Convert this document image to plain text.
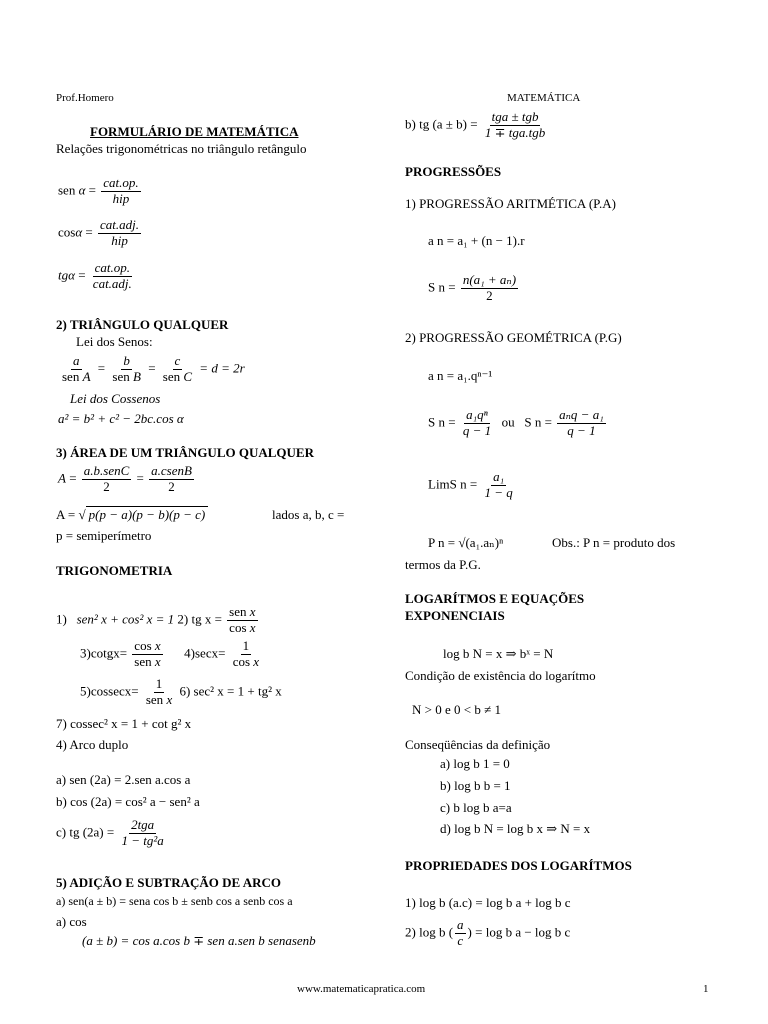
Prof.Homero	MATEMÁTICA
FORMULÁRIO DE MATEMÁTICA
Relações trigonométricas no triângulo retângulo
sen $\alpha = \frac{\text{cat.op.}}{\text{hip}}$
$\cos\alpha = \frac{\text{cat.adj.}}{\text{hip}}$
$tg\alpha = \frac{\text{cat.op.}}{\text{cat.adj.}}$
2) TRIÂNGULO QUALQUER
Lei dos Senos:
$\frac{a}{\text{sen A}} = \frac{b}{\text{sen B}} = \frac{c}{\text{sen C}} = d = 2r$
Lei dos Cossenos
a² = b² + c² − 2bc.cos α
3) ÁREA DE UM TRIÂNGULO QUALQUER
$A = \frac{\text{a.b.senC}}{2} = \frac{\text{a.csenB}}{2}$
A = √ p(p − a)(p − b)(p − c)	lados a, b, c =
p = semiperímetro
TRIGONOMETRIA
1) sen² x + cos² x = 1 2) tg $x = \frac{\text{sen x}}{\text{cos x}}$
3)cotgx= $\frac{\text{cos x}}{\text{sen x}} 4)\sec x= \frac{1}{\text{cos x}}$
$5)cossecx= \frac{1}{\text{sen x}} 6$) sec² x = 1 + tg² x
7) cossec² x = 1 + cot g² x
4) Arco duplo
a) sen (2a) = 2.sen a.cos a
b) cos (2a) = cos² a − sen² a
c) tg $(2a) = \frac{\text{2tga}}{\text{1 − tg²a}}$
5) ADIÇÃO E SUBTRAÇÃO DE ARCO
a) sen(a ± b) = sena cos b ± senb cos a senb cos a
a) cos
(a ± b) = cos a.cos b ∓ sen a.sen b senasenb
b) tg $(a \pm b) = \frac{\text{tga ± tgb}}{\text{1 ∓ tga.tgb}}$
PROGRESSÕES
1) PROGRESSÃO ARITMÉTICA (P.A)
a n = a₁ + (n − 1).r
S $n = \frac{\text{n(a₁ + aₙ)}}{2}$
2) PROGRESSÃO GEOMÉTRICA (P.G)
a n = a₁.qⁿ⁻¹
S $n = \frac{\text{a₁qⁿ}}{q - 1}$ ou S $n = \frac{\text{aₙq − a₁}}{q - 1}$
LimS $n = \frac{\text{a₁}}{1 - q}$
P n = √(a₁.aₙ)ⁿ	Obs.: P n = produto dos
termos da P.G.
LOGARÍTMOS E EQUAÇÕES
EXPONENCIAIS
log b N = x ⇒ bˣ = N
Condição de existência do logarítmo
N > 0 e 0 < b ≠ 1
Conseqüências da definição
a) log b 1 = 0
b) log b b = 1
c) b log b a=a
d) log b N = log b x ⇒ N = x
PROPRIEDADES DOS LOGARÍTMOS
1) log b (a.c) = log b a + log b c
2) log b ( $\frac{a}{c}$ ) = log b a − log b c
www.matematicapratica.com	1
